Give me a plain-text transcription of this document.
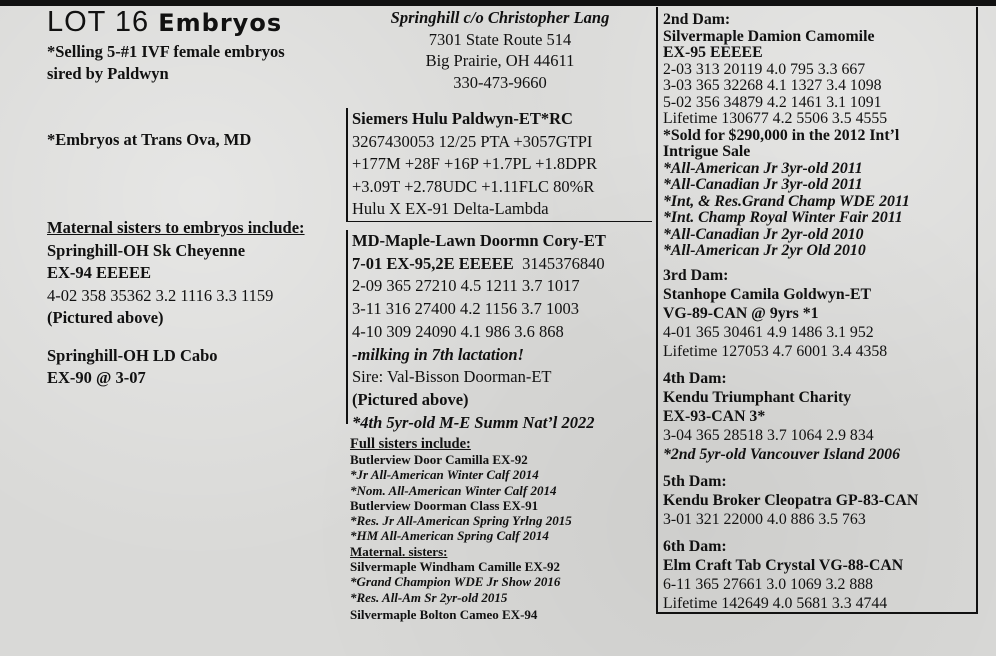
LOT 16 Embryos
*Selling 5-#1 IVF female embryos
sired by Paldwyn
*Embryos at Trans Ova, MD
Maternal sisters to embryos include:
Springhill-OH Sk Cheyenne
EX-94 EEEEE
4-02 358 35362 3.2 1116 3.3 1159
(Pictured above)
Springhill-OH LD Cabo
EX-90 @ 3-07
Springhill c/o Christopher Lang
7301 State Route 514
Big Prairie, OH 44611
330-473-9660
Siemers Hulu Paldwyn-ET*RC
3267430053 12/25 PTA +3057GTPI
+177M +28F +16P +1.7PL +1.8DPR
+3.09T +2.78UDC +1.11FLC 80%R
Hulu X EX-91 Delta-Lambda
MD-Maple-Lawn Doormn Cory-ET
7-01 EX-95,2E EEEEE 3145376840
2-09 365 27210 4.5 1211 3.7 1017
3-11 316 27400 4.2 1156 3.7 1003
4-10 309 24090 4.1 986 3.6 868
-milking in 7th lactation!
Sire: Val-Bisson Doorman-ET
(Pictured above)
*4th 5yr-old M-E Summ Nat’l 2022
Full sisters include:
Butlerview Door Camilla EX-92
*Jr All-American Winter Calf 2014
*Nom. All-American Winter Calf 2014
Butlerview Doorman Class EX-91
*Res. Jr All-American Spring Yrlng 2015
*HM All-American Spring Calf 2014
Maternal. sisters:
Silvermaple Windham Camille EX-92
*Grand Champion WDE Jr Show 2016
*Res. All-Am Sr 2yr-old 2015
Silvermaple Bolton Cameo EX-94
2nd Dam:
Silvermaple Damion Camomile
EX-95 EEEEE
2-03 313 20119 4.0 795 3.3 667
3-03 365 32268 4.1 1327 3.4 1098
5-02 356 34879 4.2 1461 3.1 1091
Lifetime 130677 4.2 5506 3.5 4555
*Sold for $290,000 in the 2012 Int’l
Intrigue Sale
*All-American Jr 3yr-old 2011
*All-Canadian Jr 3yr-old 2011
*Int, & Res.Grand Champ WDE 2011
*Int. Champ Royal Winter Fair 2011
*All-Canadian Jr 2yr-old 2010
*All-American Jr 2yr Old 2010
3rd Dam:
Stanhope Camila Goldwyn-ET
VG-89-CAN @ 9yrs *1
4-01 365 30461 4.9 1486 3.1 952
Lifetime 127053 4.7 6001 3.4 4358
4th Dam:
Kendu Triumphant Charity
EX-93-CAN 3*
3-04 365 28518 3.7 1064 2.9 834
*2nd 5yr-old Vancouver Island 2006
5th Dam:
Kendu Broker Cleopatra GP-83-CAN
3-01 321 22000 4.0 886 3.5 763
6th Dam:
Elm Craft Tab Crystal VG-88-CAN
6-11 365 27661 3.0 1069 3.2 888
Lifetime 142649 4.0 5681 3.3 4744
